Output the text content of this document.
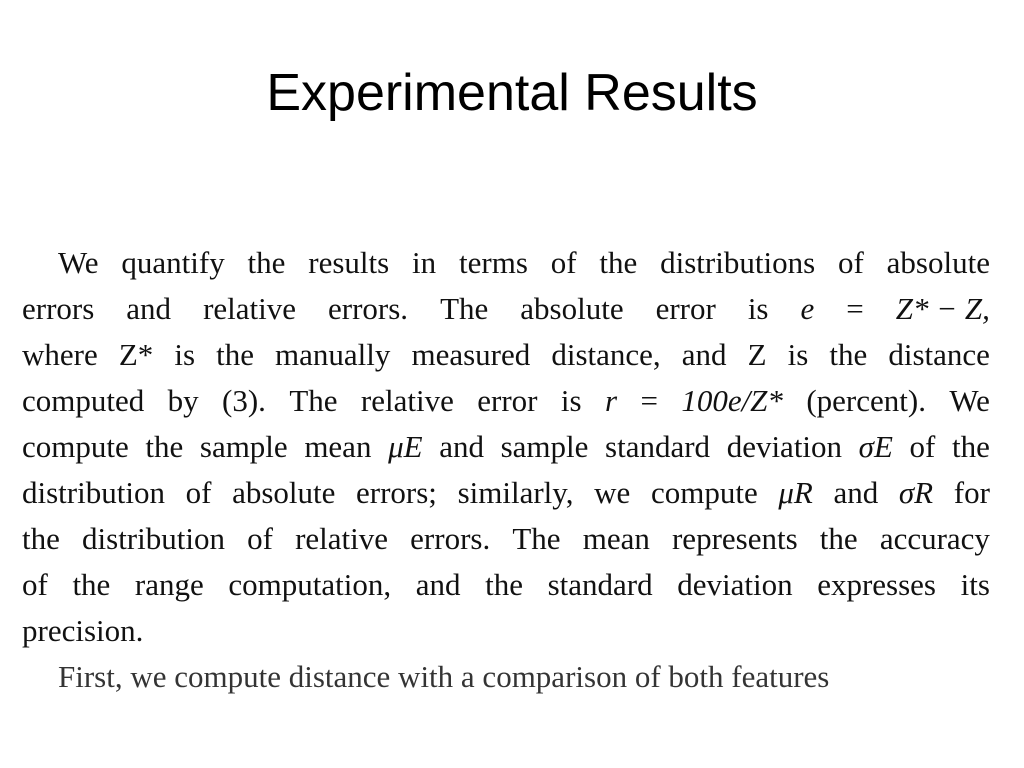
Experimental Results
We quantify the results in terms of the distributions of absolute
errors and relative errors. The absolute error is e = Z* − Z,
where Z* is the manually measured distance, and Z is the distance
computed by (3). The relative error is r = 100e/Z* (percent). We
compute the sample mean μE and sample standard deviation σE of the
distribution of absolute errors; similarly, we compute μR and σR for
the distribution of relative errors. The mean represents the accuracy
of the range computation, and the standard deviation expresses its
precision.
First, we compute distance with a comparison of both features
